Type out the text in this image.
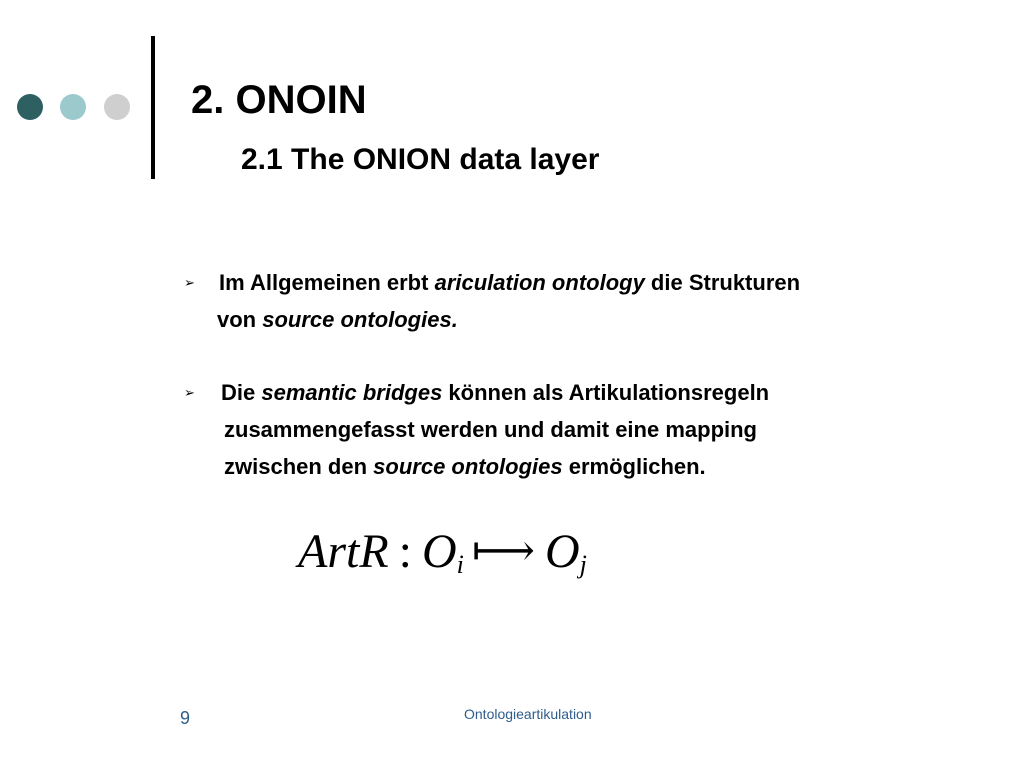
2. ONOIN
2.1 The ONION data layer
➢ Im Allgemeinen erbt ariculation ontology die Strukturen
von source ontologies.
➢ Die semantic bridges können als Artikulationsregeln
zusammengefasst werden und damit eine mapping
zwischen den source ontologies ermöglichen.
ArtR : Oi ⟼ Oj
9	Ontologieartikulation
